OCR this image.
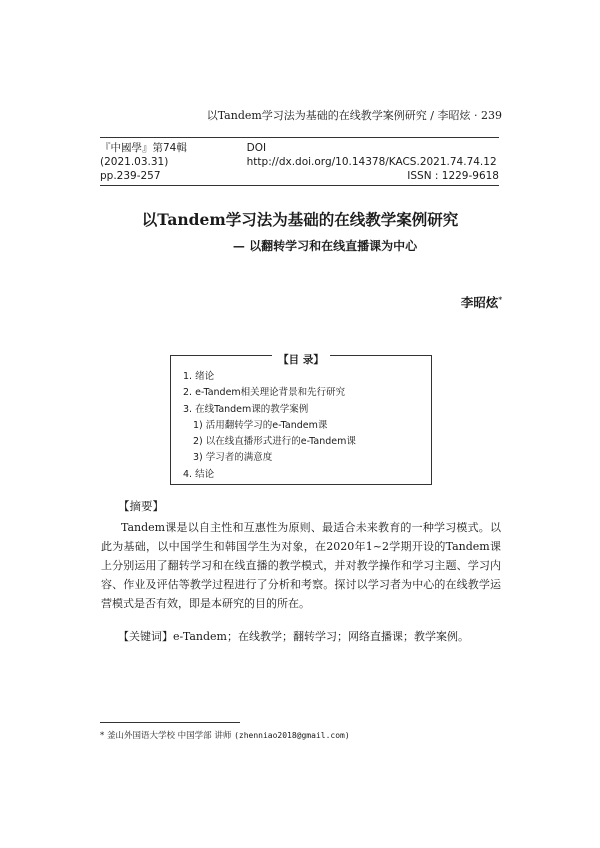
以Tandem学习法为基础的在线教学案例研究 / 李昭炫 · 239
『中國學』第74輯 (2021.03.31)
DOI http://dx.doi.org/10.14378/KACS.2021.74.74.12
pp.239-257	ISSN : 1229-9618
以Tandem学习法为基础的在线教学案例研究
— 以翻转学习和在线直播课为中心
李昭炫*
【目 录】
1. 绪论
2. e-Tandem相关理论背景和先行研究
3. 在线Tandem课的教学案例
1) 活用翻转学习的e-Tandem课
2) 以在线直播形式进行的e-Tandem课
3) 学习者的满意度
4. 结论
【摘要】
Tandem课是以自主性和互惠性为原则、最适合未来教育的一种学习模式。以此为基础，以中国学生和韩国学生为对象，在2020年1~2学期开设的Tandem课上分别运用了翻转学习和在线直播的教学模式，并对教学操作和学习主题、学习内容、作业及评估等教学过程进行了分析和考察。探讨以学习者为中心的在线教学运营模式是否有效，即是本研究的目的所在。
【关键词】e-Tandem；在线教学；翻转学习；网络直播课；教学案例。
* 釜山外国语大学校 中国学部 讲师 (zhenniao2018@gmail.com)
